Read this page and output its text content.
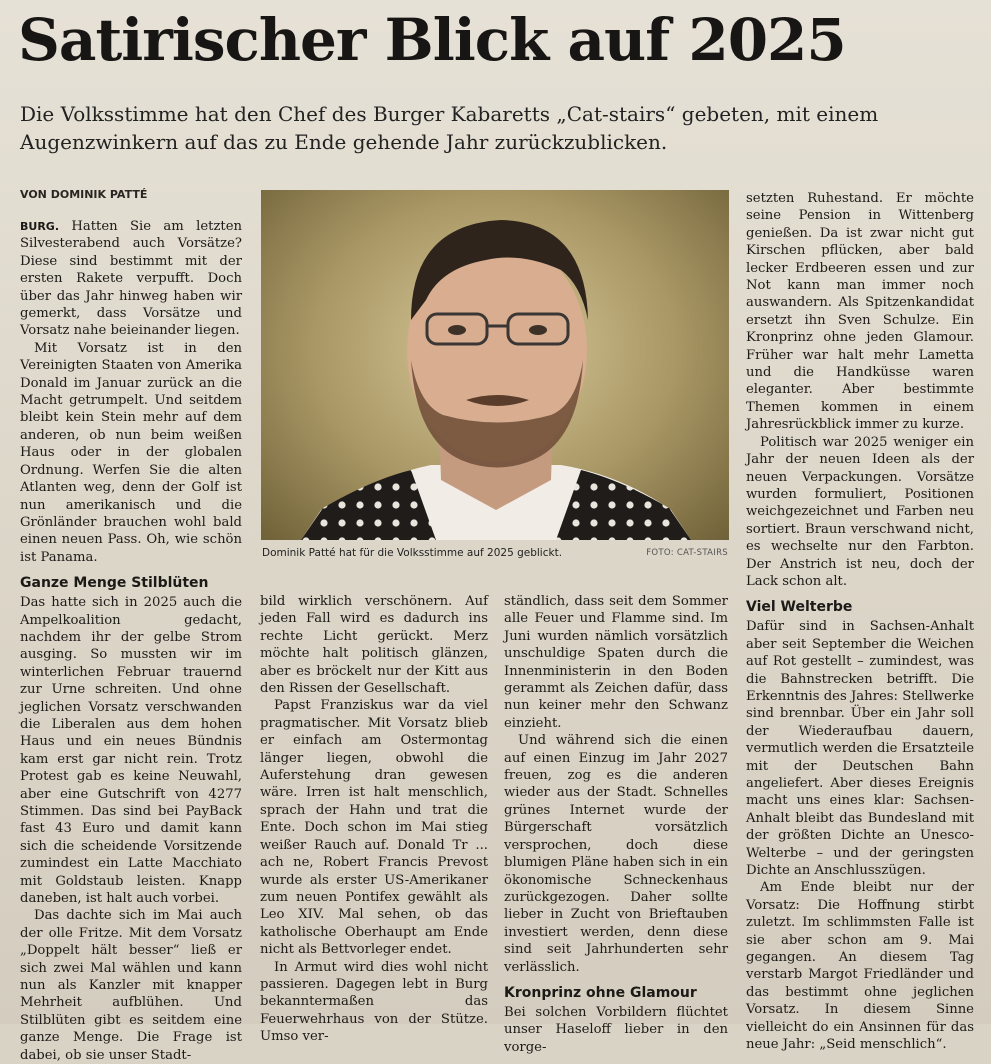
Satirischer Blick auf 2025
Die Volksstimme hat den Chef des Burger Kabaretts „Cat-stairs“ gebeten, mit einem Augenzwinkern auf das zu Ende gehende Jahr zurückzublicken.
VON DOMINIK PATTÉ

BURG. Hatten Sie am letzten Silvesterabend auch Vorsätze? Diese sind bestimmt mit der ersten Rakete verpufft. Doch über das Jahr hinweg haben wir gemerkt, dass Vorsätze und Vorsatz nahe beieinander liegen.

Mit Vorsatz ist in den Vereinigten Staaten von Amerika Donald im Januar zurück an die Macht getrumpelt. Und seitdem bleibt kein Stein mehr auf dem anderen, ob nun beim weißen Haus oder in der globalen Ordnung. Werfen Sie die alten Atlanten weg, denn der Golf ist nun amerikanisch und die Grönländer brauchen wohl bald einen neuen Pass. Oh, wie schön ist Panama.

Ganze Menge Stilblüten

Das hatte sich in 2025 auch die Ampelkoalition gedacht, nachdem ihr der gelbe Strom ausging. So mussten wir im winterlichen Februar trauernd zur Urne schreiten. Und ohne jeglichen Vorsatz verschwanden die Liberalen aus dem hohen Haus und ein neues Bündnis kam erst gar nicht rein. Trotz Protest gab es keine Neuwahl, aber eine Gutschrift von 4277 Stimmen. Das sind bei PayBack fast 43 Euro und damit kann sich die scheidende Vorsitzende zumindest ein Latte Macchiato mit Goldstaub leisten. Knapp daneben, ist halt auch vorbei.

Das dachte sich im Mai auch der olle Fritze. Mit dem Vorsatz „Doppelt hält besser“ ließ er sich zwei Mal wählen und kann nun als Kanzler mit knapper Mehrheit aufblühen. Und Stilblüten gibt es seitdem eine ganze Menge. Die Frage ist dabei, ob sie unser Stadt-

Dominik Patté hat für die Volksstimme auf 2025 geblickt.	FOTO: CAT-STAIRS

bild wirklich verschönern. Auf jeden Fall wird es dadurch ins rechte Licht gerückt. Merz möchte halt politisch glänzen, aber es bröckelt nur der Kitt aus den Rissen der Gesellschaft.

Papst Franziskus war da viel pragmatischer. Mit Vorsatz blieb er einfach am Ostermontag länger liegen, obwohl die Auferstehung dran gewesen wäre. Irren ist halt menschlich, sprach der Hahn und trat die Ente. Doch schon im Mai stieg weißer Rauch auf. Donald Tr ... ach ne, Robert Francis Prevost wurde als erster US-Amerikaner zum neuen Pontifex gewählt als Leo XIV. Mal sehen, ob das katholische Oberhaupt am Ende nicht als Bettvorleger endet.

In Armut wird dies wohl nicht passieren. Dagegen lebt in Burg bekanntermaßen das Feuerwehrhaus von der Stütze. Umso ver-

ständlich, dass seit dem Sommer alle Feuer und Flamme sind. Im Juni wurden nämlich vorsätzlich unschuldige Spaten durch die Innenministerin in den Boden gerammt als Zeichen dafür, dass nun keiner mehr den Schwanz einzieht.

Und während sich die einen auf einen Einzug im Jahr 2027 freuen, zog es die anderen wieder aus der Stadt. Schnelles grünes Internet wurde der Bürgerschaft vorsätzlich versprochen, doch diese blumigen Pläne haben sich in ein ökonomische Schneckenhaus zurückgezogen. Daher sollte lieber in Zucht von Brieftauben investiert werden, denn diese sind seit Jahrhunderten sehr verlässlich.

Kronprinz ohne Glamour

Bei solchen Vorbildern flüchtet unser Haseloff lieber in den vorge-

setzten Ruhestand. Er möchte seine Pension in Wittenberg genießen. Da ist zwar nicht gut Kirschen pflücken, aber bald lecker Erdbeeren essen und zur Not kann man immer noch auswandern. Als Spitzenkandidat ersetzt ihn Sven Schulze. Ein Kronprinz ohne jeden Glamour. Früher war halt mehr Lametta und die Handküsse waren eleganter. Aber bestimmte Themen kommen in einem Jahresrückblick immer zu kurze.

Politisch war 2025 weniger ein Jahr der neuen Ideen als der neuen Verpackungen. Vorsätze wurden formuliert, Positionen weichgezeichnet und Farben neu sortiert. Braun verschwand nicht, es wechselte nur den Farbton. Der Anstrich ist neu, doch der Lack schon alt.

Viel Welterbe

Dafür sind in Sachsen-Anhalt aber seit September die Weichen auf Rot gestellt – zumindest, was die Bahnstrecken betrifft. Die Erkenntnis des Jahres: Stellwerke sind brennbar. Über ein Jahr soll der Wiederaufbau dauern, vermutlich werden die Ersatzteile mit der Deutschen Bahn angeliefert. Aber dieses Ereignis macht uns eines klar: Sachsen-Anhalt bleibt das Bundesland mit der größten Dichte an Unesco-Welterbe – und der geringsten Dichte an Anschlusszügen.

Am Ende bleibt nur der Vorsatz: Die Hoffnung stirbt zuletzt. Im schlimmsten Falle ist sie aber schon am 9. Mai gegangen. An diesem Tag verstarb Margot Friedländer und das bestimmt ohne jeglichen Vorsatz. In diesem Sinne vielleicht do ein Ansinnen für das neue Jahr: „Seid menschlich“.
